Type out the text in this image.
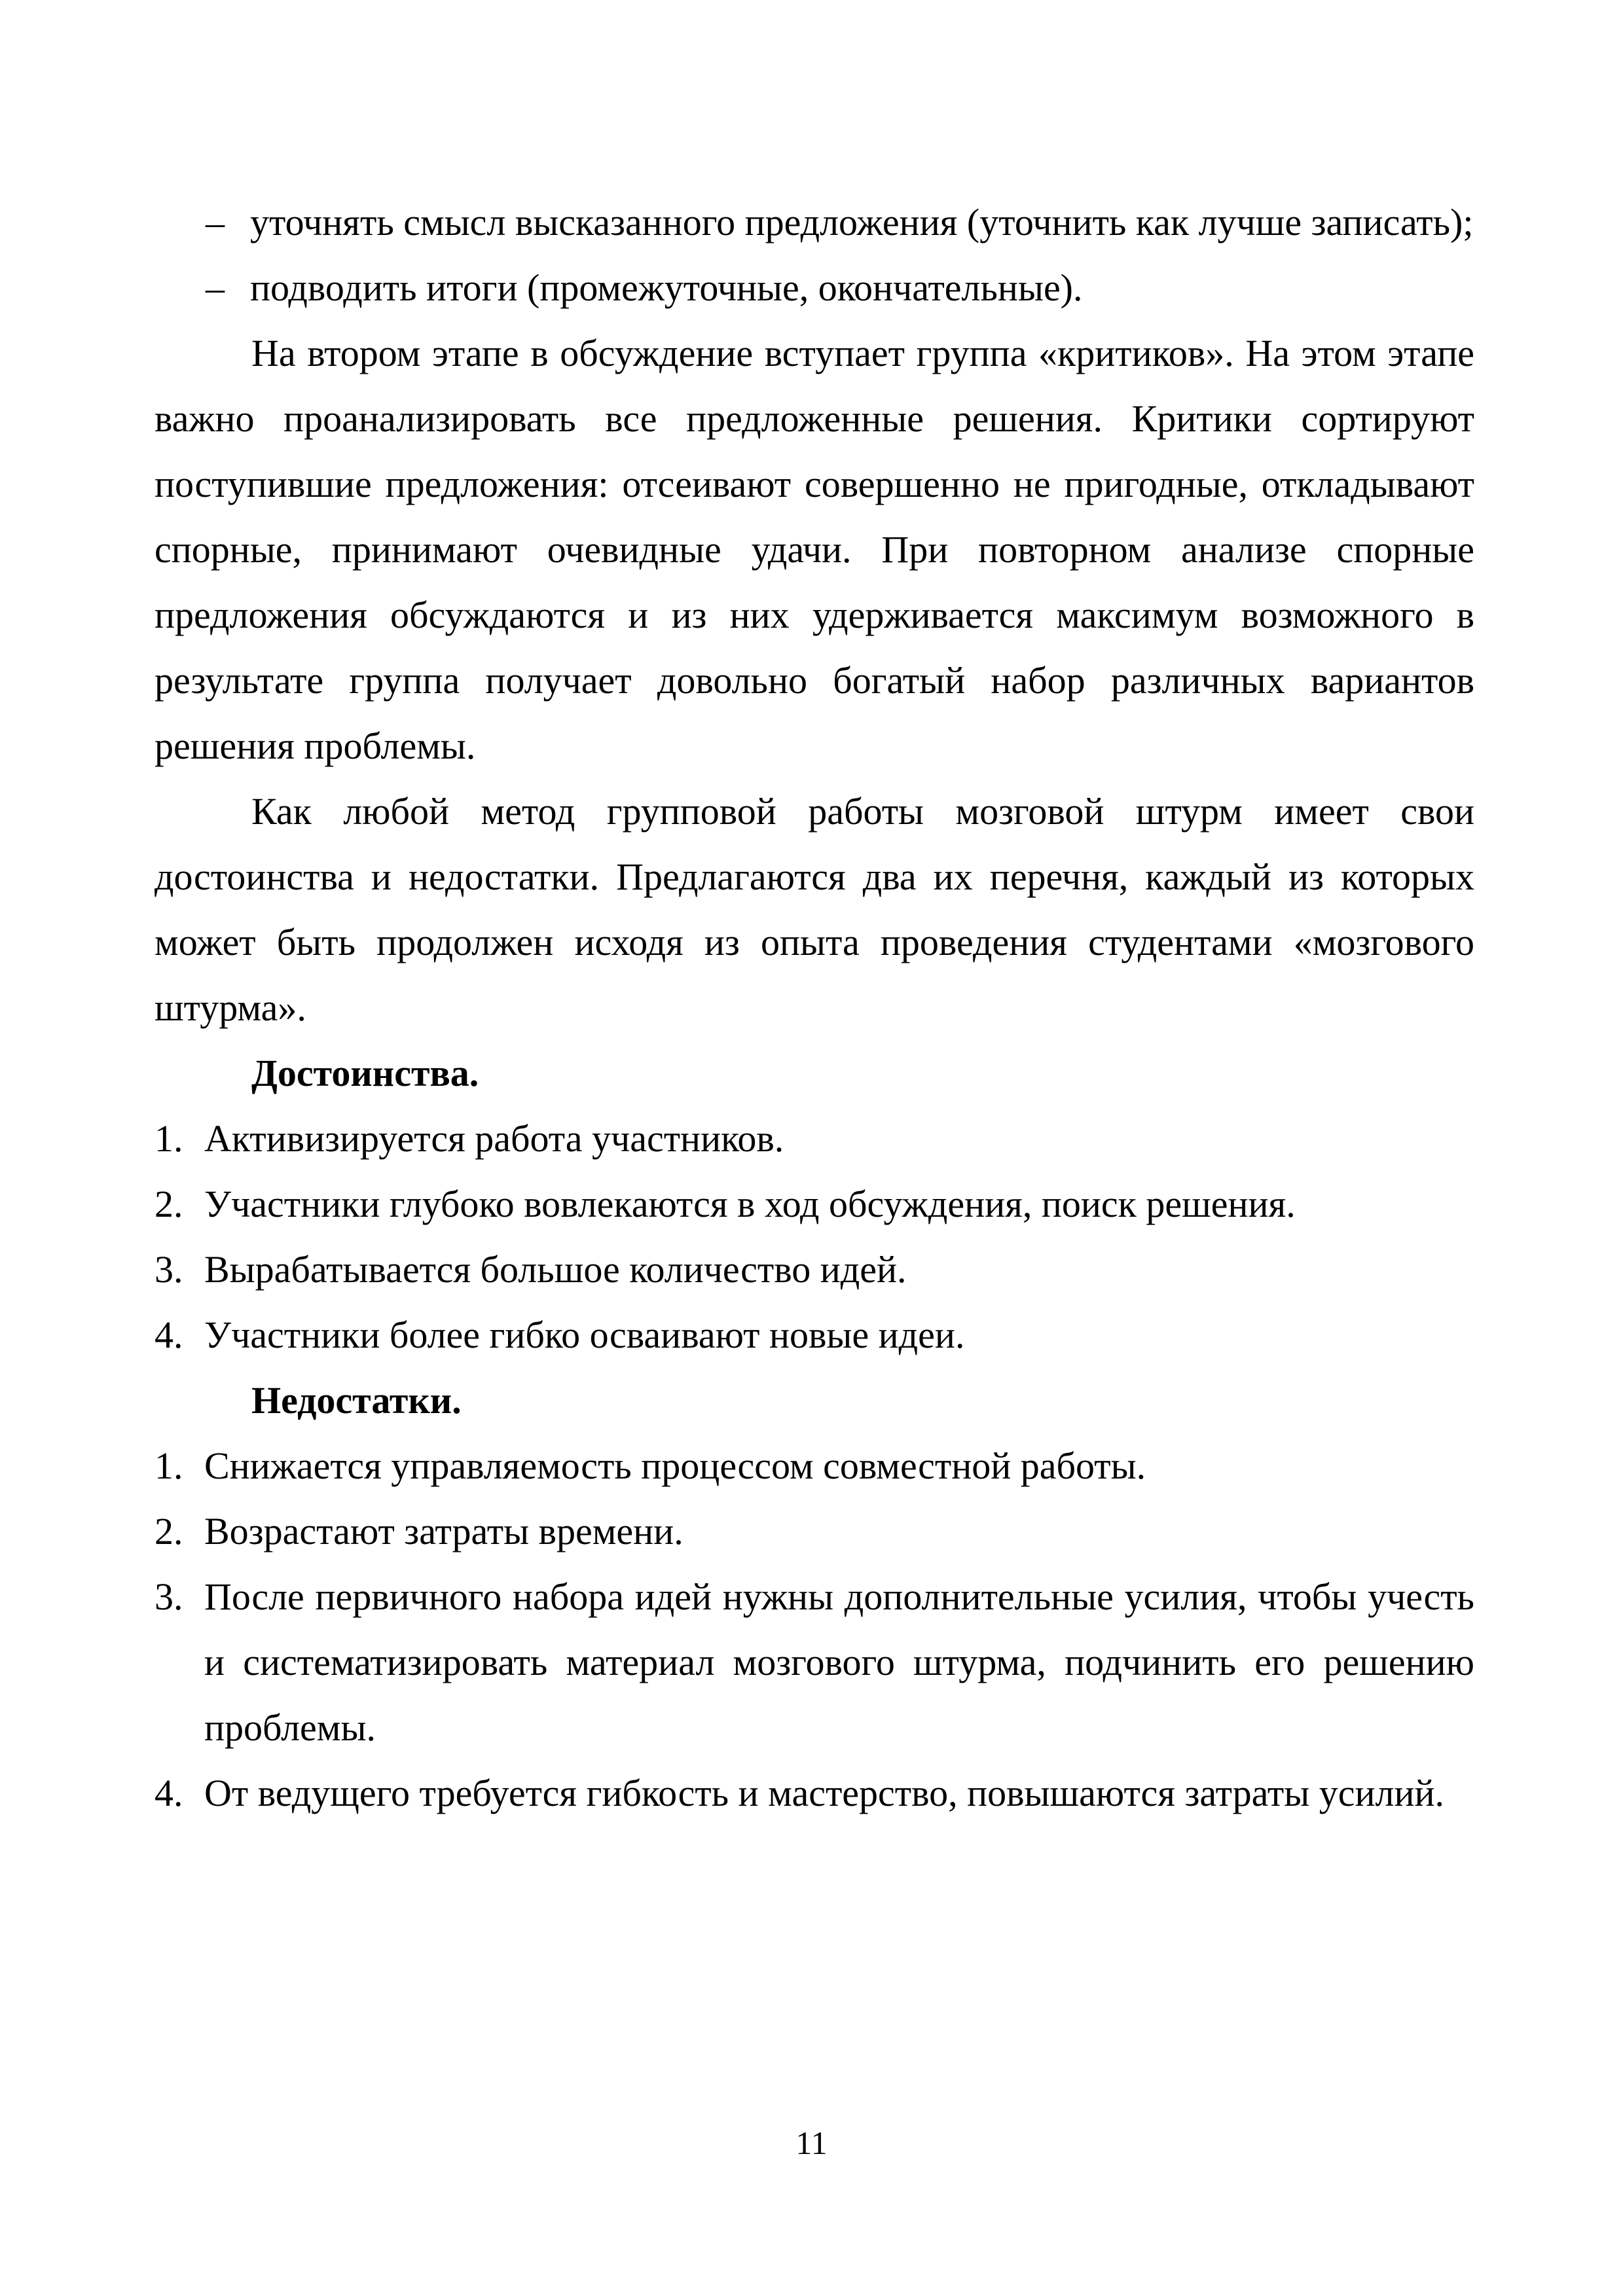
– уточнять смысл высказанного предложения (уточнить как лучше записать);
– подводить итоги (промежуточные, окончательные).
На втором этапе в обсуждение вступает группа «критиков». На этом этапе важно проанализировать все предложенные решения. Критики сортируют поступившие предложения: отсеивают совершенно не пригодные, откладывают спорные, принимают очевидные удачи. При повторном анализе спорные предложения обсуждаются и из них удерживается максимум возможного в результате группа получает довольно богатый набор различных вариантов решения проблемы.
Как любой метод групповой работы мозговой штурм имеет свои достоинства и недостатки. Предлагаются два их перечня, каждый из которых может быть продолжен исходя из опыта проведения студентами «мозгового штурма».
Достоинства.
1. Активизируется работа участников.
2. Участники глубоко вовлекаются в ход обсуждения, поиск решения.
3. Вырабатывается большое количество идей.
4. Участники более гибко осваивают новые идеи.
Недостатки.
1. Снижается управляемость процессом совместной работы.
2. Возрастают затраты времени.
3. После первичного набора идей нужны дополнительные усилия, чтобы учесть и систематизировать материал мозгового штурма, подчинить его решению проблемы.
4. От ведущего требуется гибкость и мастерство, повышаются затраты усилий.
11
